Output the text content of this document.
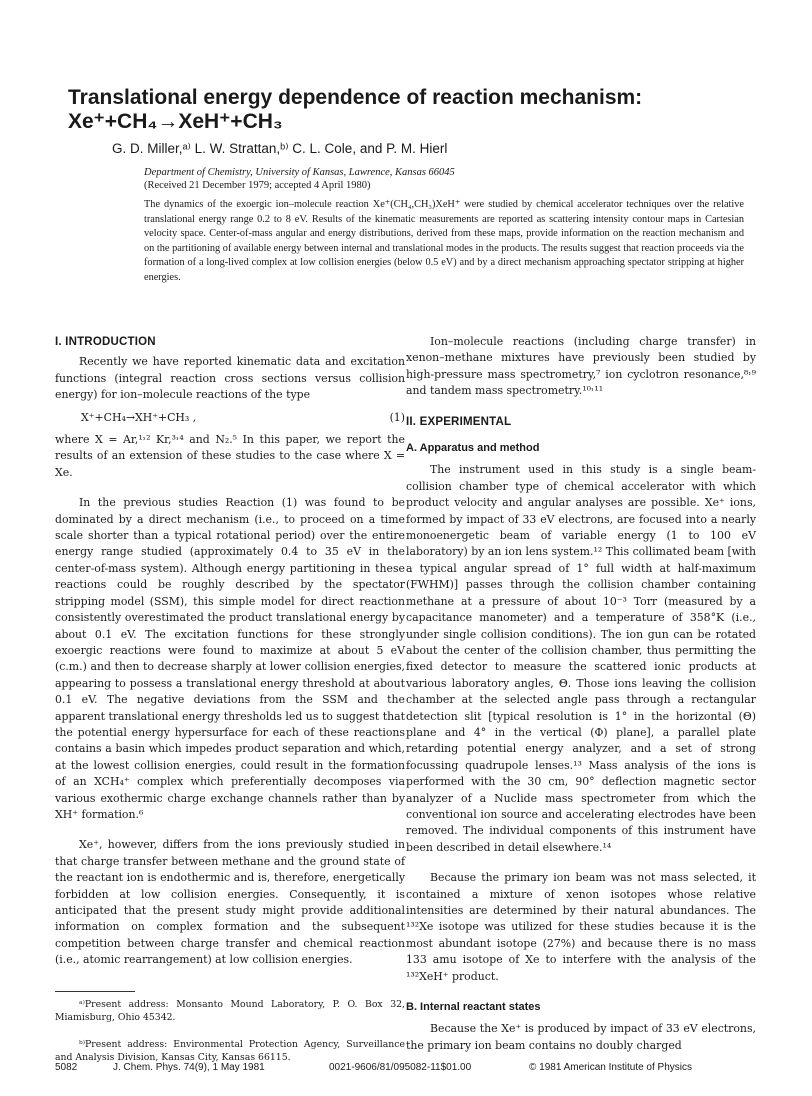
Translational energy dependence of reaction mechanism:
Xe⁺+CH₄→XeH⁺+CH₃
G. D. Miller,ᵃ⁾ L. W. Strattan,ᵇ⁾ C. L. Cole, and P. M. Hierl
Department of Chemistry, University of Kansas, Lawrence, Kansas 66045
(Received 21 December 1979; accepted 4 April 1980)

The dynamics of the exoergic ion–molecule reaction Xe⁺(CH₄,CH₃)XeH⁺ were studied by chemical accelerator techniques over the relative translational energy range 0.2 to 8 eV. Results of the kinematic measurements are reported as scattering intensity contour maps in Cartesian velocity space. Center-of-mass angular and energy distributions, derived from these maps, provide information on the reaction mechanism and on the partitioning of available energy between internal and translational modes in the products. The results suggest that reaction proceeds via the formation of a long-lived complex at low collision energies (below 0.5 eV) and by a direct mechanism approaching spectator stripping at higher energies.

I. INTRODUCTION

Recently we have reported kinematic data and excitation functions (integral reaction cross sections versus collision energy) for ion–molecule reactions of the type

X⁺+CH₄→XH⁺+CH₃ ,	(1)

where X = Ar,¹˒² Kr,³˒⁴ and N₂.⁵ In this paper, we report the results of an extension of these studies to the case where X = Xe.

In the previous studies Reaction (1) was found to be dominated by a direct mechanism (i.e., to proceed on a time scale shorter than a typical rotational period) over the entire energy range studied (approximately 0.4 to 35 eV in the center-of-mass system). Although energy partitioning in these reactions could be roughly described by the spectator stripping model (SSM), this simple model for direct reaction consistently overestimated the product translational energy by about 0.1 eV. The excitation functions for these strongly exoergic reactions were found to maximize at about 5 eV (c.m.) and then to decrease sharply at lower collision energies, appearing to possess a translational energy threshold at about 0.1 eV. The negative deviations from the SSM and the apparent translational energy thresholds led us to suggest that the potential energy hypersurface for each of these reactions contains a basin which impedes product separation and which, at the lowest collision energies, could result in the formation of an XCH₄⁺ complex which preferentially decomposes via various exothermic charge exchange channels rather than by XH⁺ formation.⁶

Xe⁺, however, differs from the ions previously studied in that charge transfer between methane and the ground state of the reactant ion is endothermic and is, therefore, energetically forbidden at low collision energies. Consequently, it is anticipated that the present study might provide additional information on complex formation and the subsequent competition between charge transfer and chemical reaction (i.e., atomic rearrangement) at low collision energies.

ᵃ⁾Present address: Monsanto Mound Laboratory, P. O. Box 32, Miamisburg, Ohio 45342.

ᵇ⁾Present address: Environmental Protection Agency, Surveillance and Analysis Division, Kansas City, Kansas 66115.

Ion–molecule reactions (including charge transfer) in xenon–methane mixtures have previously been studied by high-pressure mass spectrometry,⁷ ion cyclotron resonance,⁸˒⁹ and tandem mass spectrometry.¹⁰˒¹¹

II. EXPERIMENTAL
A. Apparatus and method

The instrument used in this study is a single beam-collision chamber type of chemical accelerator with which product velocity and angular analyses are possible. Xe⁺ ions, formed by impact of 33 eV electrons, are focused into a nearly monoenergetic beam of variable energy (1 to 100 eV laboratory) by an ion lens system.¹² This collimated beam [with a typical angular spread of 1° full width at half-maximum (FWHM)] passes through the collision chamber containing methane at a pressure of about 10⁻³ Torr (measured by a capacitance manometer) and a temperature of 358°K (i.e., under single collision conditions). The ion gun can be rotated about the center of the collision chamber, thus permitting the fixed detector to measure the scattered ionic products at various laboratory angles, Θ. Those ions leaving the collision chamber at the selected angle pass through a rectangular detection slit [typical resolution is 1° in the horizontal (Θ) plane and 4° in the vertical (Φ) plane], a parallel plate retarding potential energy analyzer, and a set of strong focussing quadrupole lenses.¹³ Mass analysis of the ions is performed with the 30 cm, 90° deflection magnetic sector analyzer of a Nuclide mass spectrometer from which the conventional ion source and accelerating electrodes have been removed. The individual components of this instrument have been described in detail elsewhere.¹⁴

Because the primary ion beam was not mass selected, it contained a mixture of xenon isotopes whose relative intensities are determined by their natural abundances. The ¹³²Xe isotope was utilized for these studies because it is the most abundant isotope (27%) and because there is no mass 133 amu isotope of Xe to interfere with the analysis of the ¹³²XeH⁺ product.

B. Internal reactant states

Because the Xe⁺ is produced by impact of 33 eV electrons, the primary ion beam contains no doubly charged

5082	J. Chem. Phys. 74(9), 1 May 1981	0021-9606/81/095082-11$01.00	© 1981 American Institute of Physics
